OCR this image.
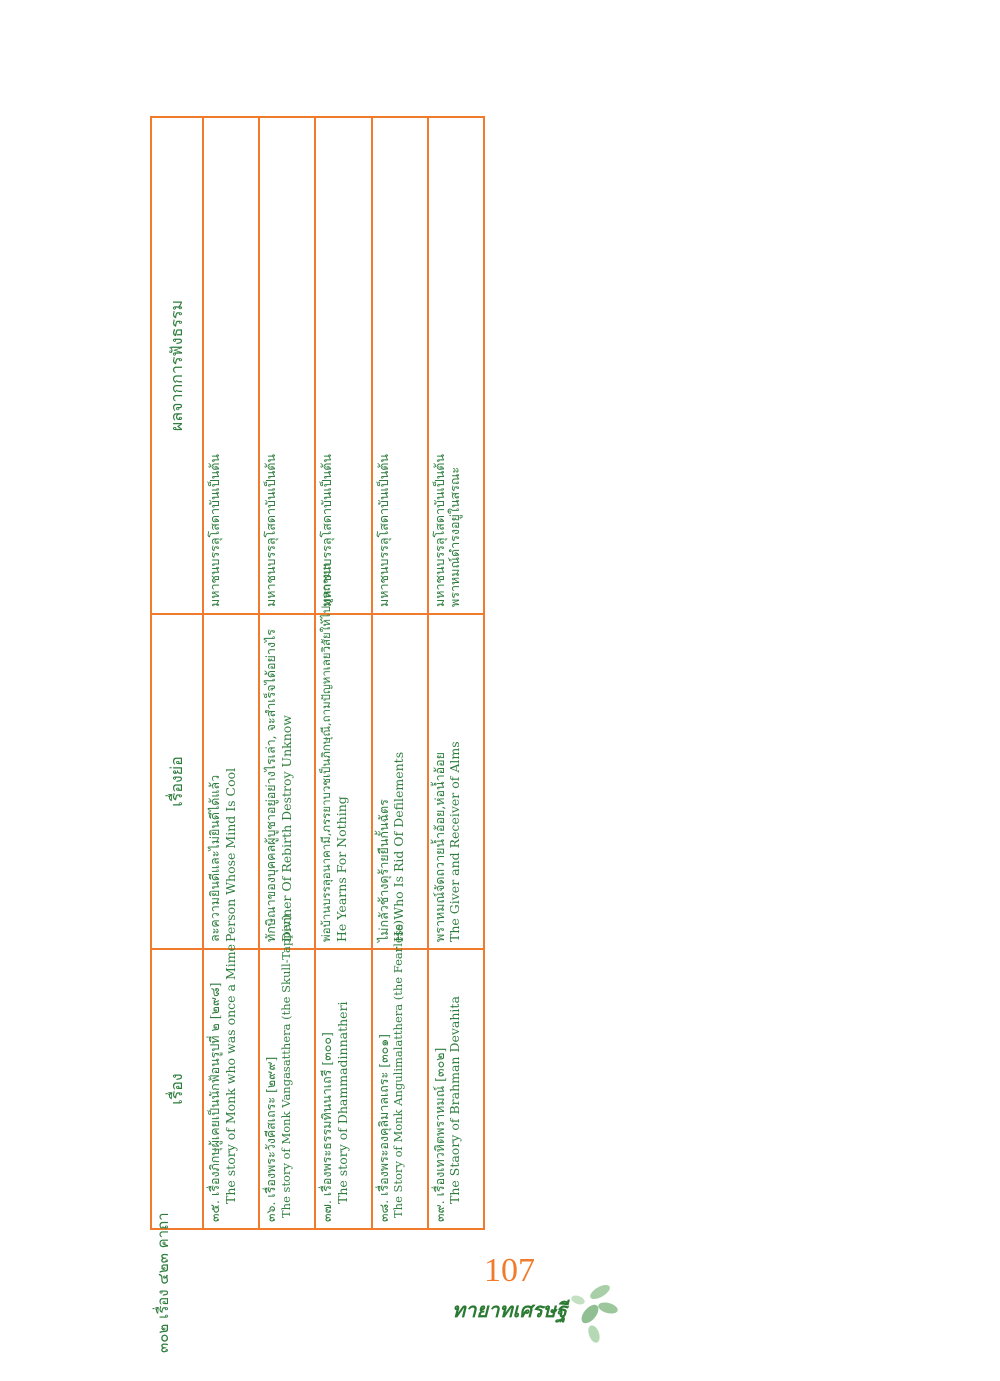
เรื่อง	เรื่องย่อ	ผลจากการฟังธรรม

๓๕. เรื่องภิกษุผู้เคยเป็นนักฟ้อนรูปที่ ๒ [๒๙๘] The story of Monk who was once a Mime	ละความยินดีและไม่ยินดีได้แล้ว Person Whose Mind Is Cool	มหาชนบรรลุโสดาบันเป็นต้น

๓๖. เรื่องพระวังคีสเถระ [๒๙๙] The story of Monk Vangasatthera (the Skull-Tapper)	ทักษิณาของบุคคลผู้บูชาอยู่อย่างไรเล่า, จะสำเร็จได้อย่างไร Diviner Of Rebirth Destroy Unknow	มหาชนบรรลุโสดาบันเป็นต้น

๓๗. เรื่องพระธรรมทินนาเถรี [๓๐๐] The story of Dhammadinnatheri	พ่อบ้านบรรลุอนาคามี,ภรรยาบวชเป็นภิกษุณี,ถามปัญหาเลยวิสัยให้ไปทูลถามฯ He Yearns For Nothing	มหาชนบรรลุโสดาบันเป็นต้น

๓๘. เรื่องพระองคุลิมาลเถระ [๓๐๑] The Story of Monk Angulimalatthera (the Fearless)	ไม่กลัวช้างดุร้ายยืนกั้นฉัตร He Who Is Rid Of Defilements	มหาชนบรรลุโสดาบันเป็นต้น

๓๙. เรื่องเทวหิตพราหมณ์ [๓๐๒] The Staory of Brahman Devahita	พราหมณ์จัดถวายน้ำอ้อย,ห่อน้ำอ้อย The Giver and Receiver of Alms	มหาชนบรรลุโสดาบันเป็นต้น พราหมณ์ดำรงอยู่ในสรณะ
๓๐๒ เรื่อง ๔๒๓ คาถา	107
ทายาทเศรษฐี
